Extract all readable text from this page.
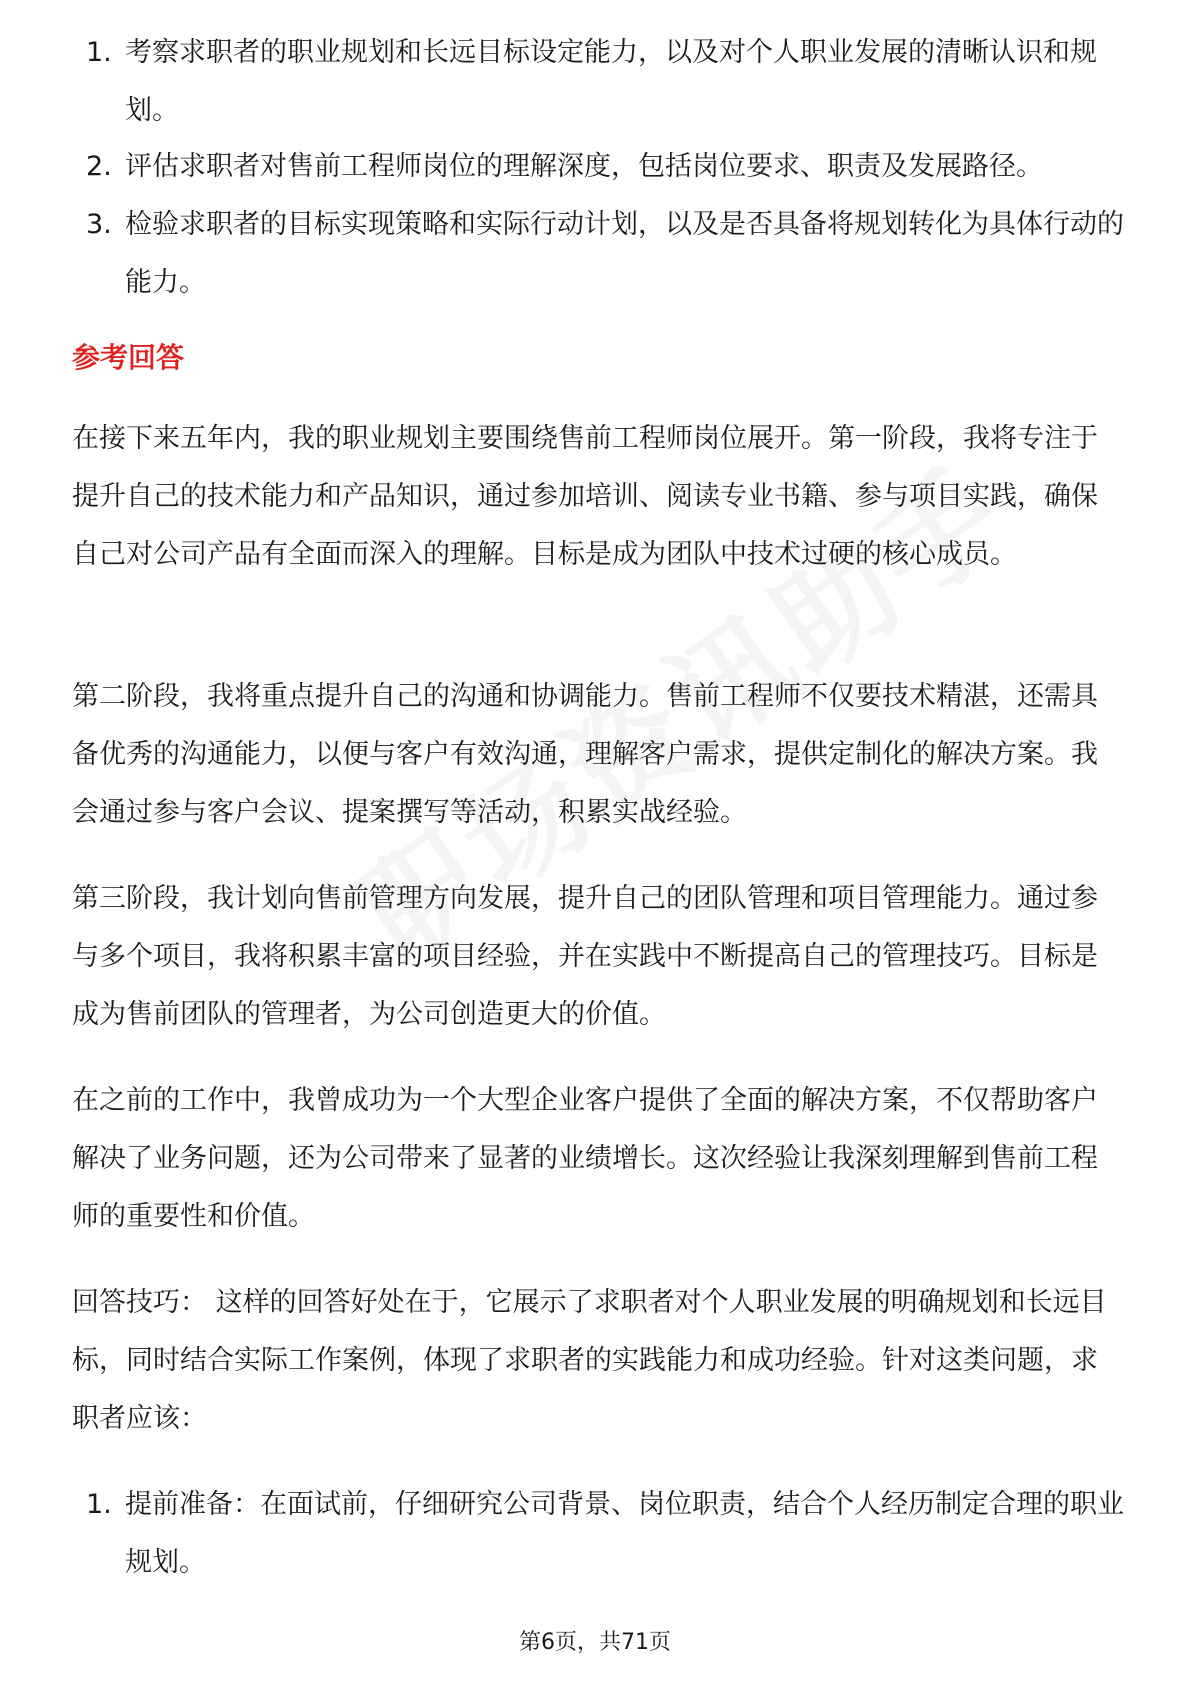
1. 考察求职者的职业规划和长远目标设定能力，以及对个人职业发展的清晰认识和规划。
2. 评估求职者对售前工程师岗位的理解深度，包括岗位要求、职责及发展路径。
3. 检验求职者的目标实现策略和实际行动计划，以及是否具备将规划转化为具体行动的能力。
参考回答

在接下来五年内，我的职业规划主要围绕售前工程师岗位展开。第一阶段，我将专注于提升自己的技术能力和产品知识，通过参加培训、阅读专业书籍、参与项目实践，确保自己对公司产品有全面而深入的理解。目标是成为团队中技术过硬的核心成员。

第二阶段，我将重点提升自己的沟通和协调能力。售前工程师不仅要技术精湛，还需具备优秀的沟通能力，以便与客户有效沟通，理解客户需求，提供定制化的解决方案。我会通过参与客户会议、提案撰写等活动，积累实战经验。

第三阶段，我计划向售前管理方向发展，提升自己的团队管理和项目管理能力。通过参与多个项目，我将积累丰富的项目经验，并在实践中不断提高自己的管理技巧。目标是成为售前团队的管理者，为公司创造更大的价值。

在之前的工作中，我曾成功为一个大型企业客户提供了全面的解决方案，不仅帮助客户解决了业务问题，还为公司带来了显著的业绩增长。这次经验让我深刻理解到售前工程师的重要性和价值。

回答技巧： 这样的回答好处在于，它展示了求职者对个人职业发展的明确规划和长远目标，同时结合实际工作案例，体现了求职者的实践能力和成功经验。针对这类问题，求职者应该：

1. 提前准备：在面试前，仔细研究公司背景、岗位职责，结合个人经历制定合理的职业规划。
第6页，共71页
